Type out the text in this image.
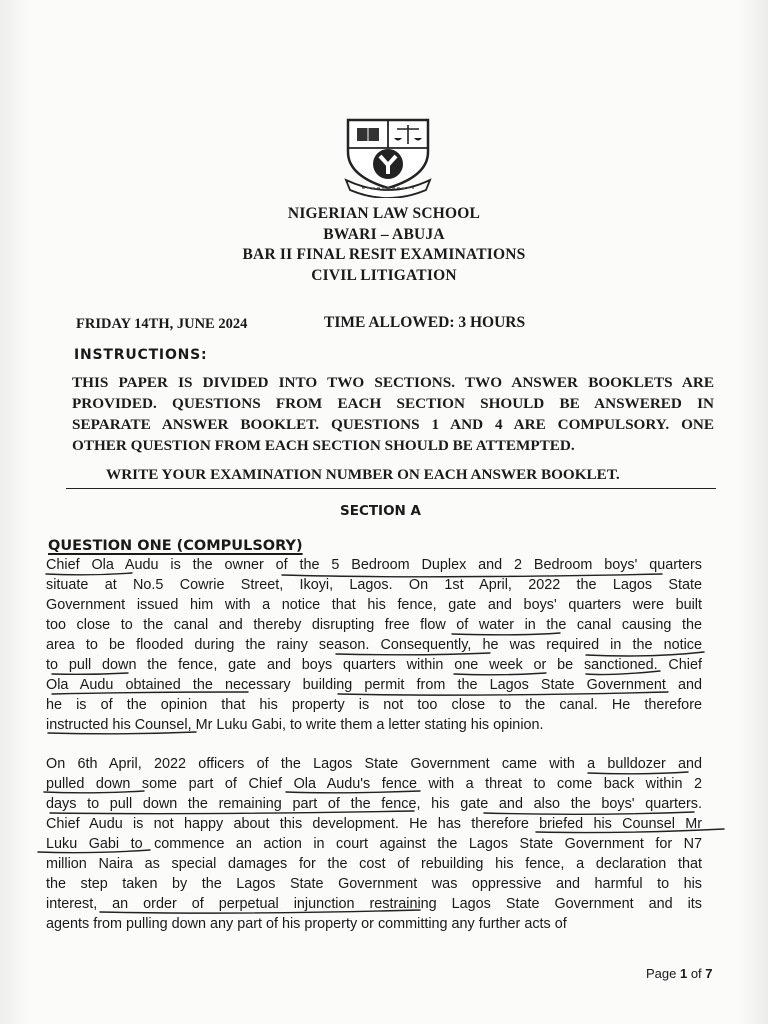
NIGERIAN LAW SCHOOL
BWARI – ABUJA
BAR II FINAL RESIT EXAMINATIONS
CIVIL LITIGATION
FRIDAY 14TH, JUNE 2024	TIME ALLOWED: 3 HOURS
INSTRUCTIONS:
THIS PAPER IS DIVIDED INTO TWO SECTIONS. TWO ANSWER BOOKLETS ARE
PROVIDED. QUESTIONS FROM EACH SECTION SHOULD BE ANSWERED IN
SEPARATE ANSWER BOOKLET. QUESTIONS 1 AND 4 ARE COMPULSORY. ONE
OTHER QUESTION FROM EACH SECTION SHOULD BE ATTEMPTED.
WRITE YOUR EXAMINATION NUMBER ON EACH ANSWER BOOKLET.
SECTION A
QUESTION ONE (COMPULSORY)
Chief Ola Audu is the owner of the 5 Bedroom Duplex and 2 Bedroom boys' quarters
situate at No.5 Cowrie Street, Ikoyi, Lagos. On 1st April, 2022 the Lagos State
Government issued him with a notice that his fence, gate and boys' quarters were built
too close to the canal and thereby disrupting free flow of water in the canal causing the
area to be flooded during the rainy season. Consequently, he was required in the notice
to pull down the fence, gate and boys quarters within one week or be sanctioned. Chief
Ola Audu obtained the necessary building permit from the Lagos State Government and
he is of the opinion that his property is not too close to the canal. He therefore
instructed his Counsel, Mr Luku Gabi, to write them a letter stating his opinion.
On 6th April, 2022 officers of the Lagos State Government came with a bulldozer and
pulled down some part of Chief Ola Audu's fence with a threat to come back within 2
days to pull down the remaining part of the fence, his gate and also the boys' quarters.
Chief Audu is not happy about this development. He has therefore briefed his Counsel Mr
Luku Gabi to commence an action in court against the Lagos State Government for N7
million Naira as special damages for the cost of rebuilding his fence, a declaration that
the step taken by the Lagos State Government was oppressive and harmful to his
interest, an order of perpetual injunction restraining Lagos State Government and its
agents from pulling down any part of his property or committing any further acts of
Page 1 of 7
